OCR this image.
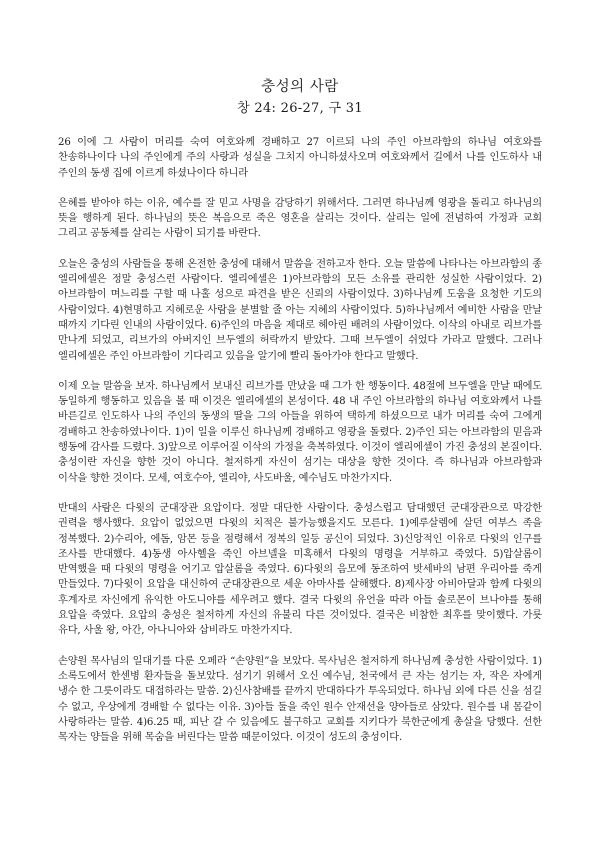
충성의 사람
창 24: 26-27, 구 31

26 이에 그 사람이 머리를 숙여 여호와께 경배하고 27 이르되 나의 주인 아브라함의 하나님 여호와를 찬송하나이다 나의 주인에게 주의 사랑과 성실을 그치지 아니하셨사오며 여호와께서 길에서 나를 인도하사 내 주인의 동생 집에 이르게 하셨나이다 하니라

은혜를 받아야 하는 이유, 예수를 잘 믿고 사명을 감당하기 위해서다. 그러면 하나님께 영광을 돌리고 하나님의 뜻을 행하게 된다. 하나님의 뜻은 복음으로 죽은 영혼을 살리는 것이다. 살리는 일에 전념하여 가정과 교회 그리고 공동체를 살리는 사람이 되기를 바란다.

오늘은 충성의 사람들을 통해 온전한 충성에 대해서 말씀을 전하고자 한다. 오늘 말씀에 나타나는 아브라함의 종 엘리에셀은 정말 충성스런 사람이다. 엘리에셀은 1)아브라함의 모든 소유를 관리한 성실한 사람이었다. 2)아브라함이 며느리를 구할 때 나홀 성으로 파견을 받은 신뢰의 사람이었다. 3)하나님께 도움을 요청한 기도의 사람이었다. 4)현명하고 지혜로운 사람을 분별할 줄 아는 지혜의 사람이었다. 5)하나님께서 예비한 사람을 만날 때까지 기다린 인내의 사람이었다. 6)주인의 마음을 제대로 헤아린 배려의 사람이었다. 이삭의 아내로 리브가를 만나게 되었고, 리브가의 아버지인 브두엘의 허락까지 받았다. 그때 브두엘이 쉬었다 가라고 말했다. 그러나 엘리에셀은 주인 아브라함이 기다리고 있음을 알기에 빨리 돌아가야 한다고 말했다.

이제 오늘 말씀을 보자. 하나님께서 보내신 리브가를 만났을 때 그가 한 행동이다. 48절에 브두엘을 만날 때에도 동일하게 행동하고 있음을 볼 때 이것은 엘리에셀의 본성이다. 48 내 주인 아브라함의 하나님 여호와께서 나를 바른길로 인도하사 나의 주인의 동생의 딸을 그의 아들을 위하여 택하게 하셨으므로 내가 머리를 숙여 그에게 경배하고 찬송하였나이다. 1)이 일을 이루신 하나님께 경배하고 영광을 돌렸다. 2)주인 되는 아브라함의 믿음과 행동에 감사를 드렸다. 3)앞으로 이루어질 이삭의 가정을 축복하였다. 이것이 엘리에셀이 가진 충성의 본질이다. 충성이란 자신을 향한 것이 아니다. 철저하게 자신이 섬기는 대상을 향한 것이다. 즉 하나님과 아브라함과 이삭을 향한 것이다. 모세, 여호수아, 엘리야, 사도바울, 예수님도 마찬가지다.

반대의 사람은 다윗의 군대장관 요압이다. 정말 대단한 사람이다. 충성스럽고 담대했던 군대장관으로 막강한 권력을 행사했다. 요압이 없었으면 다윗의 치적은 불가능했을지도 모른다. 1)예루살렘에 살던 여부스 족을 정복했다. 2)수리아, 에돔, 암몬 등을 점령해서 정복의 일등 공신이 되었다. 3)신앙적인 이유로 다윗의 인구를 조사를 반대했다. 4)동생 아사헬을 죽인 아브넬을 미혹해서 다윗의 명령을 거부하고 죽였다. 5)압살롬이 반역했을 때 다윗의 명령을 어기고 압살롬을 죽였다. 6)다윗의 음모에 동조하여 밧세바의 남편 우리아를 죽게 만들었다. 7)다윗이 요압을 대신하여 군대장관으로 세운 아마사를 살해했다. 8)제사장 아비아달과 함께 다윗의 후계자로 자신에게 유익한 아도니야를 세우려고 했다. 결국 다윗의 유언을 따라 아들 솔로몬이 브나야를 통해 요압을 죽였다. 요압의 충성은 철저하게 자신의 유불리 다른 것이었다. 결국은 비참한 최후를 맞이했다. 가룟 유다, 사울 왕, 아간, 아나니아와 삽비라도 마찬가지다.

손양원 목사님의 일대기를 다룬 오페라 “손양원”을 보았다. 목사님은 철저하게 하나님께 충성한 사람이었다. 1)소록도에서 한센병 환자들을 돌보았다. 섬기기 위해서 오신 예수님, 천국에서 큰 자는 섬기는 자, 작은 자에게 냉수 한 그릇이라도 대접하라는 말씀. 2)신사참배를 끝까지 반대하다가 투옥되었다. 하나님 외에 다른 신을 섬길 수 없고, 우상에게 경배할 수 없다는 이유. 3)아들 둘을 죽인 원수 안재선을 양아들로 삼았다. 원수를 내 몸같이 사랑하라는 말씀. 4)6.25 때, 피난 갈 수 있음에도 불구하고 교회를 지키다가 북한군에게 총살을 당했다. 선한 목자는 양들을 위해 목숨을 버린다는 말씀 때문이었다. 이것이 성도의 충성이다.
